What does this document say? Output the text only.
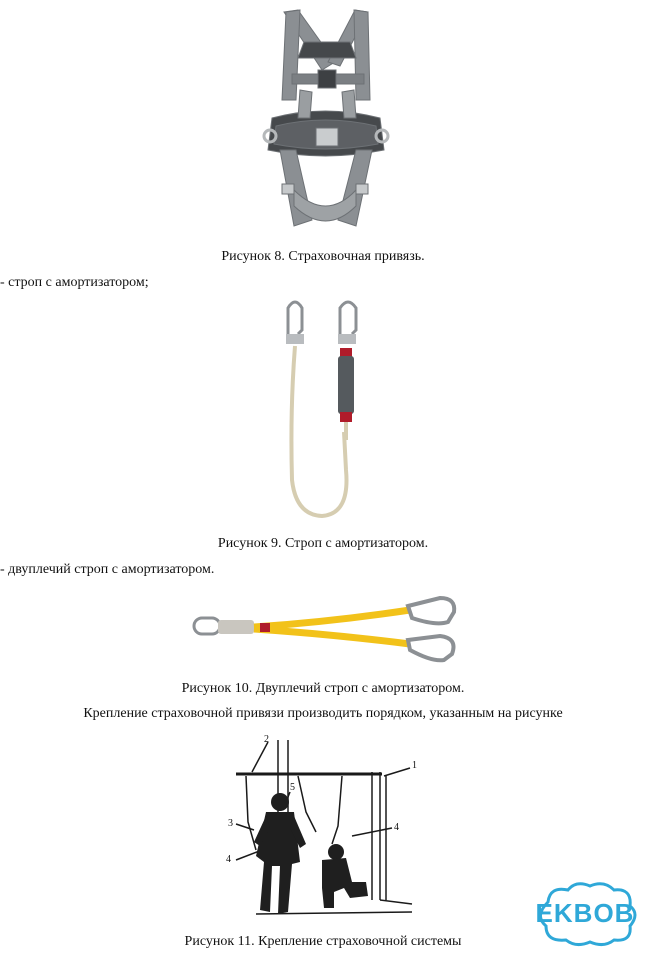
Рисунок 8. Страховочная привязь.
- строп с амортизатором;
Рисунок 9. Строп с амортизатором.
- двуплечий строп с амортизатором.
Рисунок 10. Двуплечий строп с амортизатором.
Крепление страховочной привязи производить порядком, указанным на рисунке
1
2
3
4
4
5
Рисунок 11. Крепление страховочной системы
EKBOB
